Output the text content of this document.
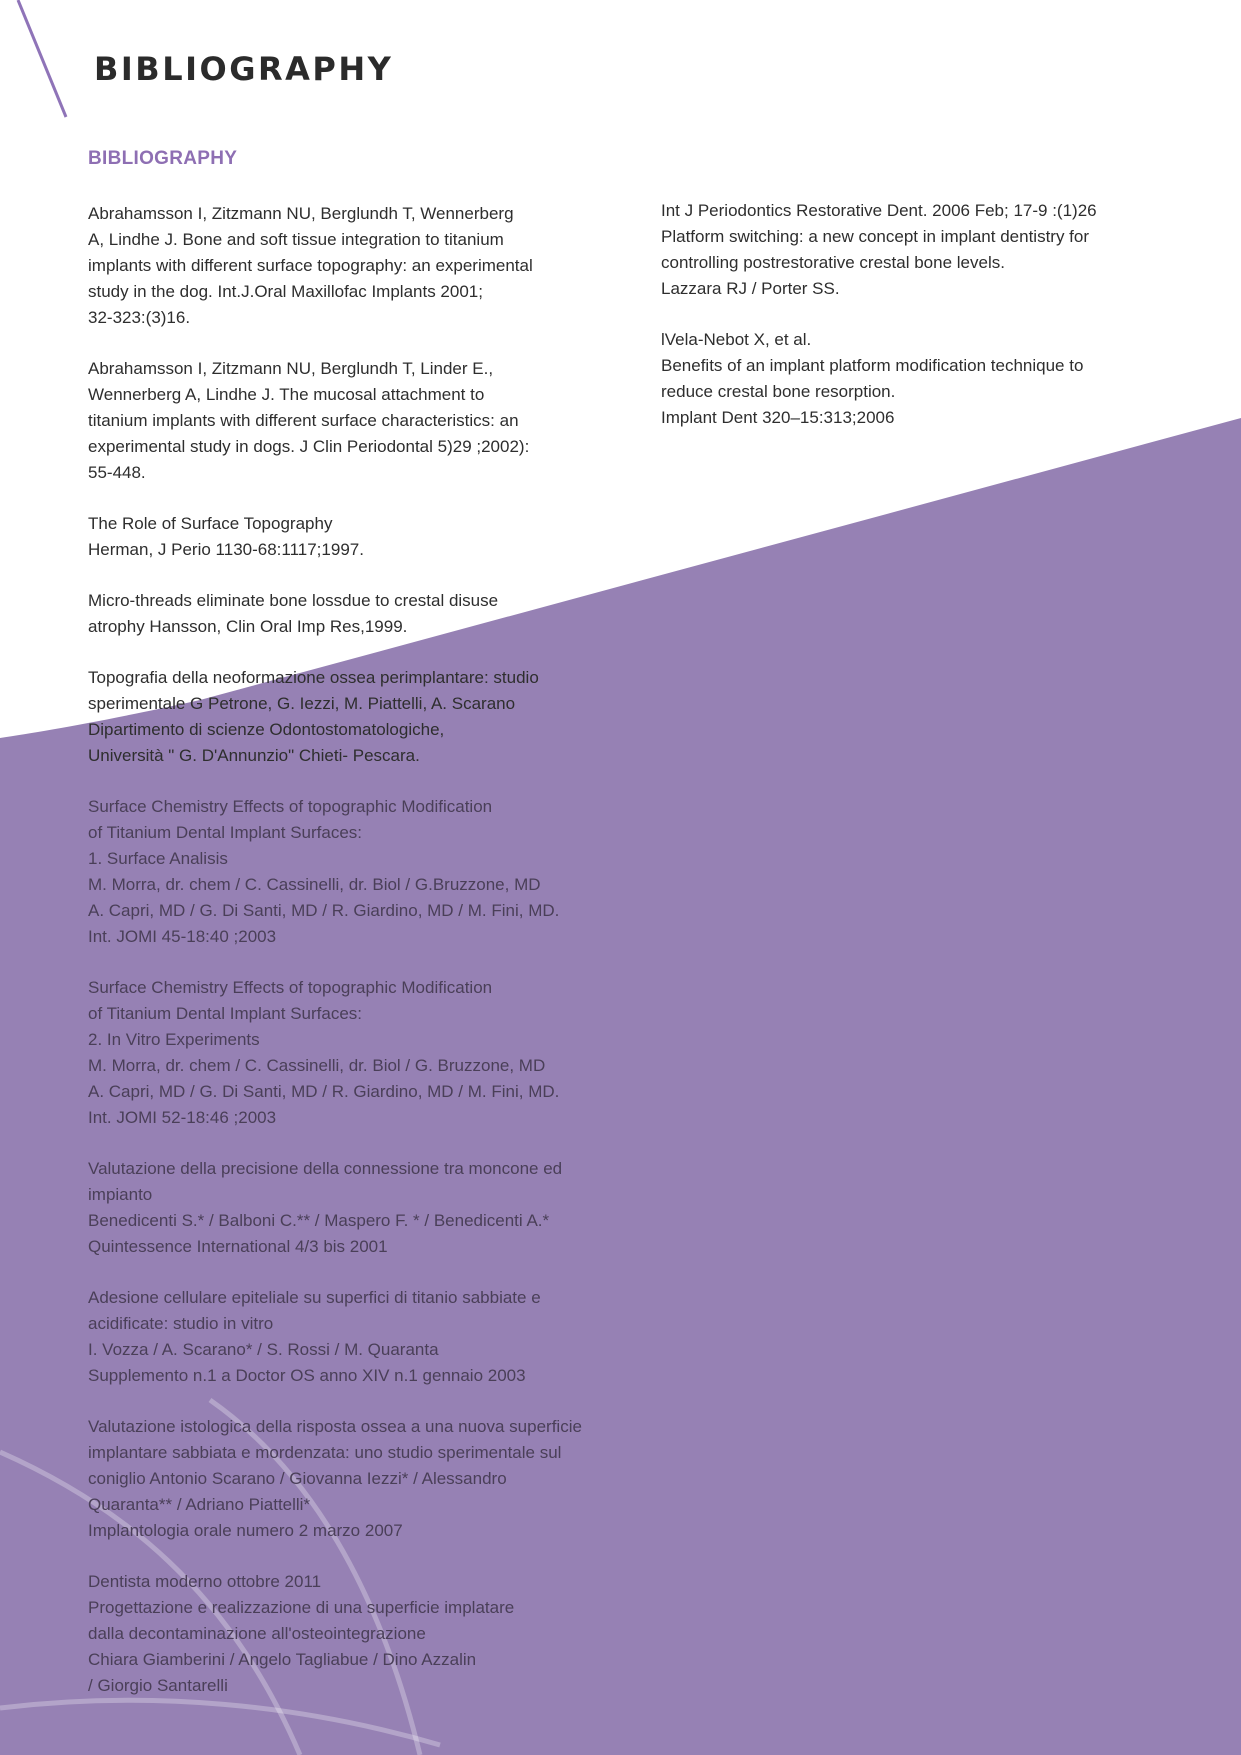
BIBLIOGRAPHY
BIBLIOGRAPHY
Abrahamsson I, Zitzmann NU, Berglundh T, Wennerberg
A, Lindhe J. Bone and soft tissue integration to titanium
implants with different surface topography: an experimental
study in the dog. Int.J.Oral Maxillofac Implants 2001;
32-323:(3)16.
Abrahamsson I, Zitzmann NU, Berglundh T, Linder E.,
Wennerberg A, Lindhe J. The mucosal attachment to
titanium implants with different surface characteristics: an
experimental study in dogs. J Clin Periodontal 5)29 ;2002):
55-448.
The Role of Surface Topography
Herman, J Perio 1130-68:1117;1997.
Micro-threads eliminate bone lossdue to crestal disuse
atrophy Hansson, Clin Oral Imp Res,1999.
Topografia della neoformazione ossea perimplantare: studio
sperimentale G Petrone, G. Iezzi, M. Piattelli, A. Scarano
Dipartimento di scienze Odontostomatologiche,
Università " G. D'Annunzio" Chieti- Pescara.
Surface Chemistry Effects of topographic Modification
of Titanium Dental Implant Surfaces:
1. Surface Analisis
M. Morra, dr. chem / C. Cassinelli, dr. Biol / G.Bruzzone, MD
A. Capri, MD / G. Di Santi, MD / R. Giardino, MD / M. Fini, MD.
Int. JOMI 45-18:40 ;2003
Surface Chemistry Effects of topographic Modification
of Titanium Dental Implant Surfaces:
2. In Vitro Experiments
M. Morra, dr. chem / C. Cassinelli, dr. Biol / G. Bruzzone, MD
A. Capri, MD / G. Di Santi, MD / R. Giardino, MD / M. Fini, MD.
Int. JOMI 52-18:46 ;2003
Valutazione della precisione della connessione tra moncone ed
impianto
Benedicenti S.* / Balboni C.** / Maspero F. * / Benedicenti A.*
Quintessence International 4/3 bis 2001
Adesione cellulare epiteliale su superfici di titanio sabbiate e
acidificate: studio in vitro
I. Vozza / A. Scarano* / S. Rossi / M. Quaranta
Supplemento n.1 a Doctor OS anno XIV n.1 gennaio 2003
Valutazione istologica della risposta ossea a una nuova superficie
implantare sabbiata e mordenzata: uno studio sperimentale sul
coniglio Antonio Scarano / Giovanna Iezzi* / Alessandro
Quaranta** / Adriano Piattelli*
Implantologia orale numero 2 marzo 2007
Dentista moderno ottobre 2011
Progettazione e realizzazione di una superficie implatare
dalla decontaminazione all'osteointegrazione
Chiara Giamberini / Angelo Tagliabue / Dino Azzalin
/ Giorgio Santarelli
Int J Periodontics Restorative Dent. 2006 Feb; 17-9 :(1)26
Platform switching: a new concept in implant dentistry for
controlling postrestorative crestal bone levels.
Lazzara RJ / Porter SS.
lVela-Nebot X, et al.
Benefits of an implant platform modification technique to
reduce crestal bone resorption.
Implant Dent 320–15:313;2006
